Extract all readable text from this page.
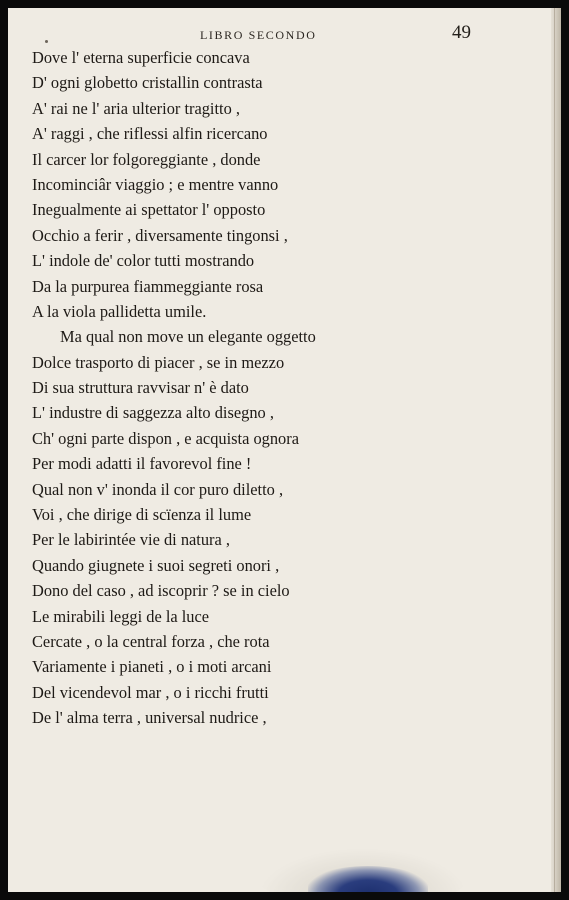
LIBRO SECONDO	49
Dove l' eterna superficie concava
D' ogni globetto cristallin contrasta
A' rai ne l' aria ulterior tragitto ,
A' raggi , che riflessi alfin ricercano
Il carcer lor folgoreggiante , donde
Incominciâr viaggio ; e mentre vanno
Inegualmente ai spettator l' opposto
Occhio a ferir , diversamente tingonsi ,
L' indole de' color tutti mostrando
Da la purpurea fiammeggiante rosa
A la viola pallidetta umile.
Ma qual non move un elegante oggetto
Dolce trasporto di piacer , se in mezzo
Di sua struttura ravvisar n' è dato
L' industre di saggezza alto disegno ,
Ch' ogni parte dispon , e acquista ognora
Per modi adatti il favorevol fine !
Qual non v' inonda il cor puro diletto ,
Voi , che dirige di scïenza il lume
Per le labirintée vie di natura ,
Quando giugnete i suoi segreti onori ,
Dono del caso , ad iscoprir ? se in cielo
Le mirabili leggi de la luce
Cercate , o la central forza , che rota
Variamente i pianeti , o i moti arcani
Del vicendevol mar , o i ricchi frutti
De l' alma terra , universal nudrice ,
